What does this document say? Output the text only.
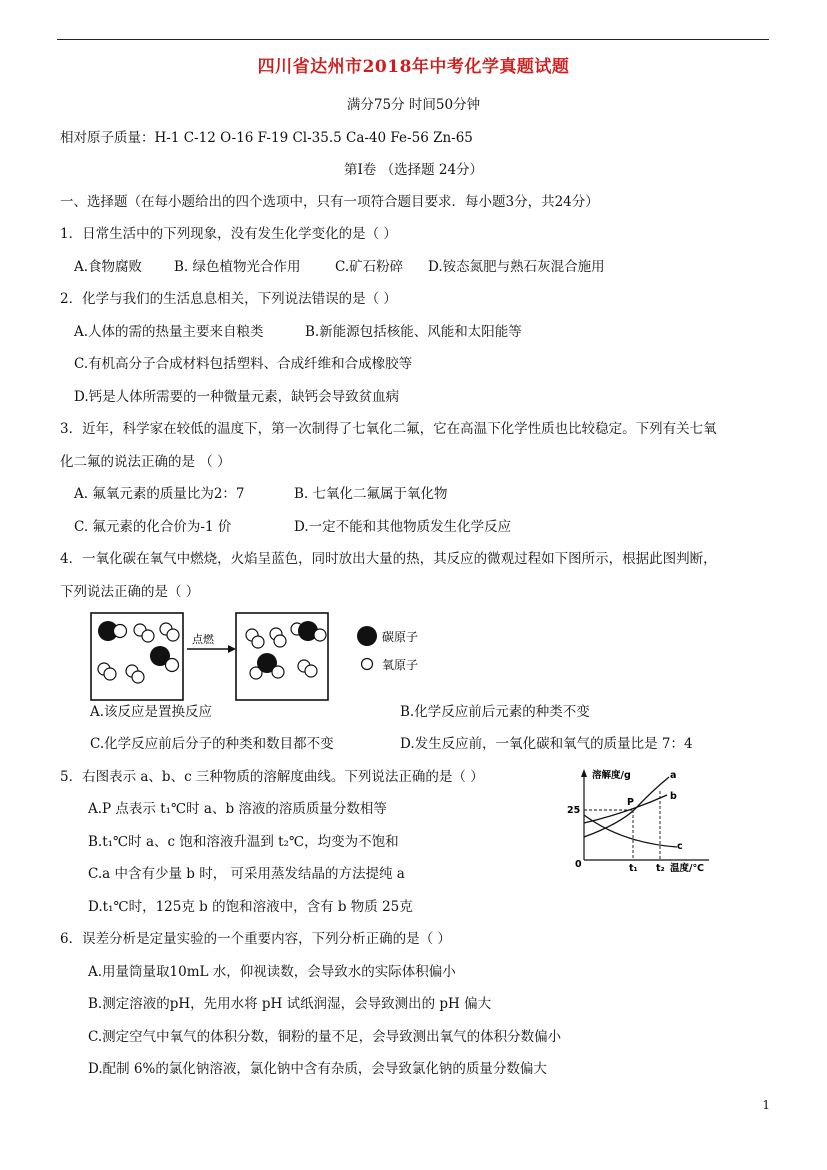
四川省达州市2018年中考化学真题试题
满分75分 时间50分钟
相对原子质量：H-1 C-12 O-16 F-19 Cl-35.5 Ca-40 Fe-56 Zn-65
第Ⅰ卷 （选择题 24分）
一、选择题（在每小题给出的四个选项中，只有一项符合题目要求．每小题3分，共24分）
1．日常生活中的下列现象，没有发生化学变化的是（ ）
A.食物腐败 B. 绿色植物光合作用	C.矿石粉碎 D.铵态氮肥与熟石灰混合施用
2．化学与我们的生活息息相关，下列说法错误的是（ ）
A.人体的需的热量主要来自粮类	B.新能源包括核能、风能和太阳能等
C.有机高分子合成材料包括塑料、合成纤维和合成橡胶等
D.钙是人体所需要的一种微量元素，缺钙会导致贫血病
3．近年，科学家在较低的温度下，第一次制得了七氧化二氟，它在高温下化学性质也比较稳定。下列有关七氧
化二氟的说法正确的是 （ ）
A. 氟氧元素的质量比为2：7	B. 七氧化二氟属于氧化物
C. 氟元素的化合价为-1 价	D.一定不能和其他物质发生化学反应
4．一氧化碳在氧气中燃烧，火焰呈蓝色，同时放出大量的热，其反应的微观过程如下图所示，根据此图判断，
下列说法正确的是（ ）
点燃	碳原子
氧原子
A.该反应是置换反应	B.化学反应前后元素的种类不变
C.化学反应前后分子的种类和数目都不变	D.发生反应前，一氧化碳和氧气的质量比是 7：4
5．右图表示 a、b、c 三种物质的溶解度曲线。下列说法正确的是（ ）
A.P 点表示 t₁℃时 a、b 溶液的溶质质量分数相等
B.t₁℃时 a、c 饱和溶液升温到 t₂℃，均变为不饱和
C.a 中含有少量 b 时， 可采用蒸发结晶的方法提纯 a
D.t₁℃时，125克 b 的饱和溶液中，含有 b 物质 25克
溶解度/g
0
25
P
a
b
c
t₁ t₂ 温度/℃
6．误差分析是定量实验的一个重要内容，下列分析正确的是（ ）
A.用量筒量取10mL 水，仰视读数，会导致水的实际体积偏小
B.测定溶液的pH，先用水将 pH 试纸润湿，会导致测出的 pH 偏大
C.测定空气中氧气的体积分数，铜粉的量不足，会导致测出氧气的体积分数偏小
D.配制 6%的氯化钠溶液，氯化钠中含有杂质，会导致氯化钠的质量分数偏大
1
